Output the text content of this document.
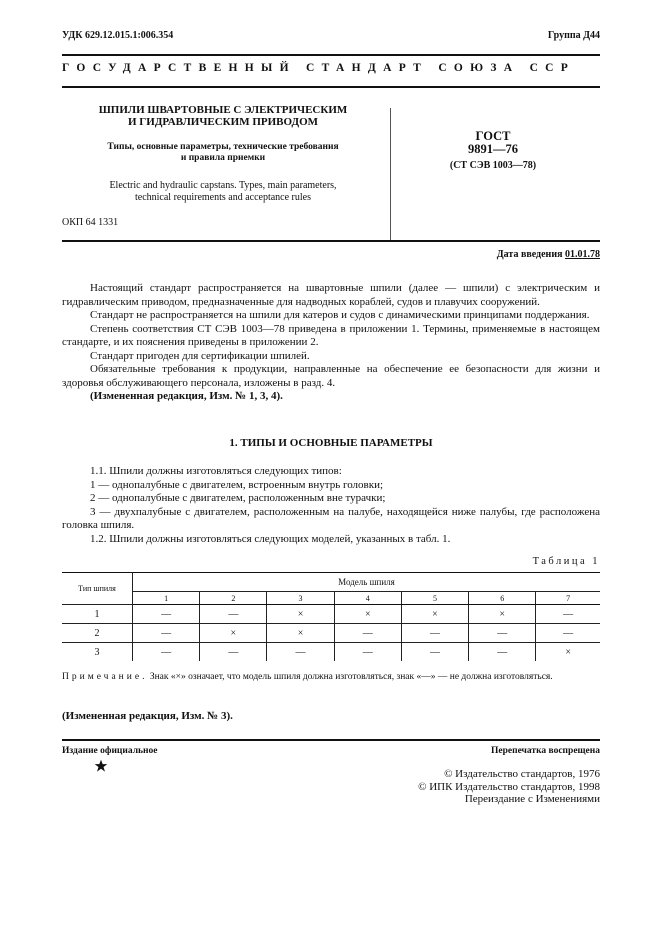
УДК 629.12.015.1:006.354	Группа Д44
ГОСУДАРСТВЕННЫЙ СТАНДАРТ СОЮЗА ССР
ШПИЛИ ШВАРТОВНЫЕ С ЭЛЕКТРИЧЕСКИМ
И ГИДРАВЛИЧЕСКИМ ПРИВОДОМ
Типы, основные параметры, технические требования
и правила приемки
Electric and hydraulic capstans. Types, main parameters,
technical requirements and acceptance rules
ГОСТ
9891—76
(СТ СЭВ 1003—78)
ОКП 64 1331
Дата введения 01.01.78

Настоящий стандарт распространяется на швартовные шпили (далее — шпили) с электрическим и гидравлическим приводом, предназначенные для надводных кораблей, судов и плавучих сооружений.

Стандарт не распространяется на шпили для катеров и судов с динамическими принципами поддержания.

Степень соответствия СТ СЭВ 1003—78 приведена в приложении 1. Термины, применяемые в настоящем стандарте, и их пояснения приведены в приложении 2.

Стандарт пригоден для сертификации шпилей.

Обязательные требования к продукции, направленные на обеспечение ее безопасности для жизни и здоровья обслуживающего персонала, изложены в разд. 4.

(Измененная редакция, Изм. № 1, 3, 4).

1. ТИПЫ И ОСНОВНЫЕ ПАРАМЕТРЫ

1.1. Шпили должны изготовляться следующих типов:

1 — однопалубные с двигателем, встроенным внутрь головки;

2 — однопалубные с двигателем, расположенным вне турачки;

3 — двухпалубные с двигателем, расположенным на палубе, находящейся ниже палубы, где расположена головка шпиля.

1.2. Шпили должны изготовляться следующих моделей, указанных в табл. 1.

Таблица 1
Тип шпиля	Модель шпиля						
	1	2	3	4	5	6	7
1	—	—	×	×	×	×	—
2	—	×	×	—	—	—	—
3	—	—	—	—	—	—	×
Примечание. Знак «×» означает, что модель шпиля должна изготовляться, знак «—» — не должна изготовляться.
(Измененная редакция, Изм. № 3).
Издание официальное	Перепечатка воспрещена
© Издательство стандартов, 1976
© ИПК Издательство стандартов, 1998
Переиздание с Изменениями
